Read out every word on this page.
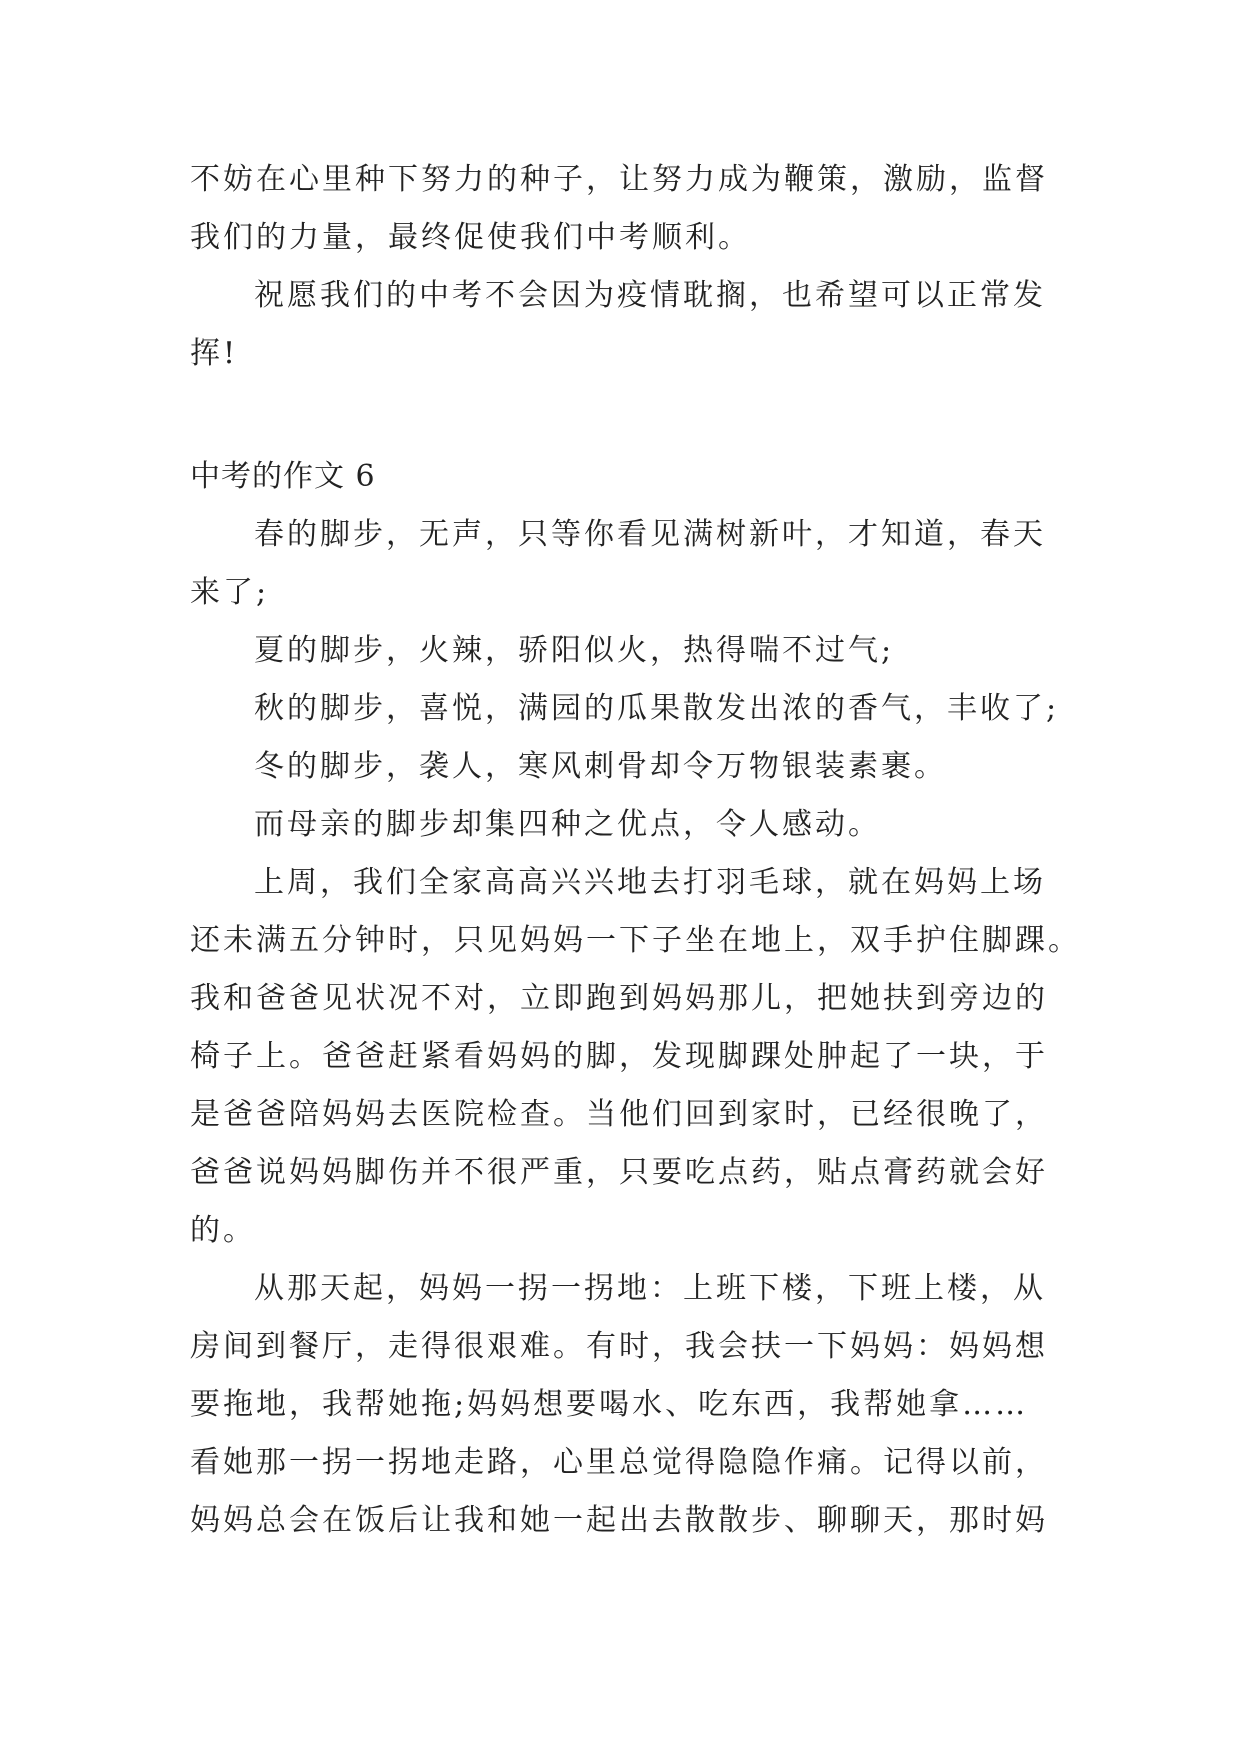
不妨在心里种下努力的种子，让努力成为鞭策，激励，监督
我们的力量，最终促使我们中考顺利。
祝愿我们的中考不会因为疫情耽搁，也希望可以正常发
挥!
中考的作文 6
春的脚步，无声，只等你看见满树新叶，才知道，春天
来了;
夏的脚步，火辣，骄阳似火，热得喘不过气;
秋的脚步，喜悦，满园的瓜果散发出浓的香气，丰收了;
冬的脚步，袭人，寒风刺骨却令万物银装素裹。
而母亲的脚步却集四种之优点，令人感动。
上周，我们全家高高兴兴地去打羽毛球，就在妈妈上场
还未满五分钟时，只见妈妈一下子坐在地上，双手护住脚踝。
我和爸爸见状况不对，立即跑到妈妈那儿，把她扶到旁边的
椅子上。爸爸赶紧看妈妈的脚，发现脚踝处肿起了一块，于
是爸爸陪妈妈去医院检查。当他们回到家时，已经很晚了，
爸爸说妈妈脚伤并不很严重，只要吃点药，贴点膏药就会好
的。
从那天起，妈妈一拐一拐地：上班下楼，下班上楼，从
房间到餐厅，走得很艰难。有时，我会扶一下妈妈：妈妈想
要拖地，我帮她拖;妈妈想要喝水、吃东西，我帮她拿……
看她那一拐一拐地走路，心里总觉得隐隐作痛。记得以前，
妈妈总会在饭后让我和她一起出去散散步、聊聊天，那时妈
